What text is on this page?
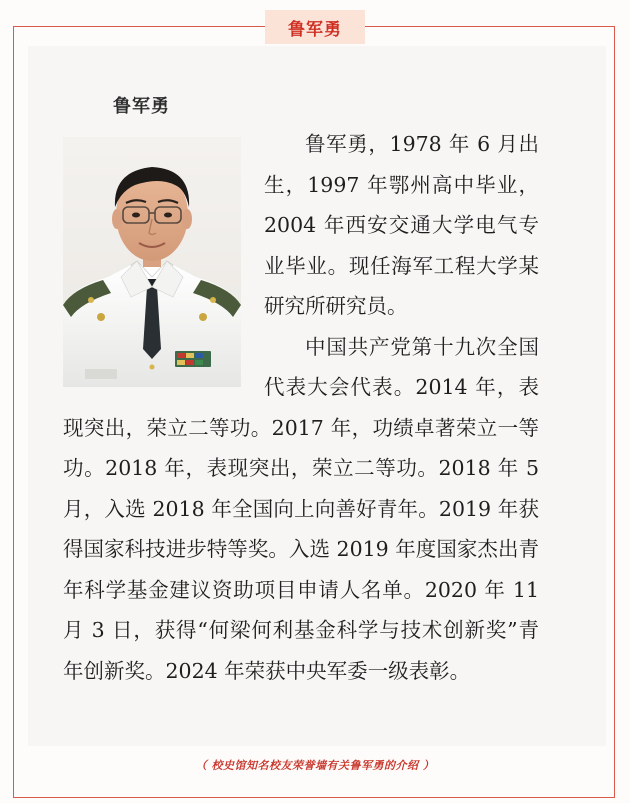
鲁军勇
鲁军勇

鲁军勇，1978 年 6 月出生，1997 年鄂州高中毕业，2004 年西安交通大学电气专业毕业。现任海军工程大学某研究所研究员。

中国共产党第十九次全国代表大会代表。2014 年，表现突出，荣立二等功。2017 年，功绩卓著荣立一等功。2018 年，表现突出，荣立二等功。2018 年 5 月，入选 2018 年全国向上向善好青年。2019 年获得国家科技进步特等奖。入选 2019 年度国家杰出青年科学基金建议资助项目申请人名单。2020 年 11 月 3 日，获得“何梁何利基金科学与技术创新奖”青年创新奖。2024 年荣获中央军委一级表彰。

（ 校史馆知名校友荣誉墙有关鲁军勇的介绍 ）
